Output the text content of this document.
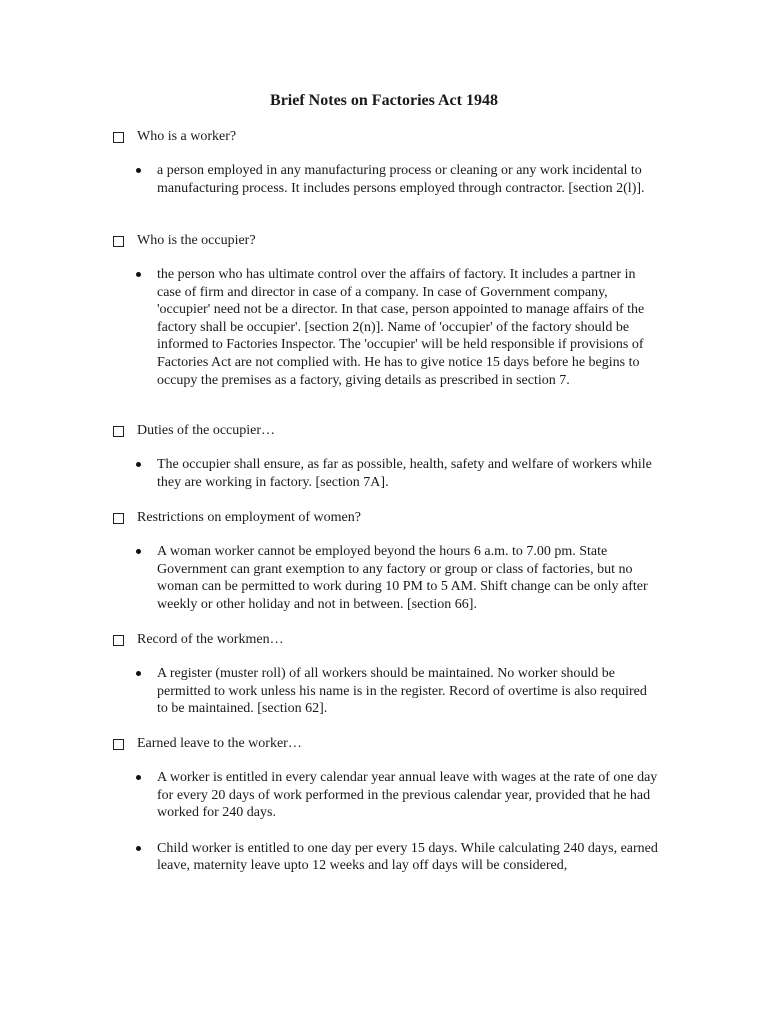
Brief Notes on Factories Act 1948
Who is a worker?
a person employed in any manufacturing process or cleaning or any work incidental to manufacturing process. It includes persons employed through contractor. [section 2(l)].
Who is the occupier?
the person who has ultimate control over the affairs of factory. It includes a partner in case of firm and director in case of a company. In case of Government company, 'occupier' need not be a director. In that case, person appointed to manage affairs of the factory shall be occupier'. [section 2(n)]. Name of 'occupier' of the factory should be informed to Factories Inspector. The 'occupier' will be held responsible if provisions of Factories Act are not complied with. He has to give notice 15 days before he begins to occupy the premises as a factory, giving details as prescribed in section 7.
Duties of the occupier…
The occupier shall ensure, as far as possible, health, safety and welfare of workers while they are working in factory. [section 7A].
Restrictions on employment of women?
A woman worker cannot be employed beyond the hours 6 a.m. to 7.00 pm. State Government can grant exemption to any factory or group or class of factories, but no woman can be permitted to work during 10 PM to 5 AM. Shift change can be only after weekly or other holiday and not in between. [section 66].
Record of the workmen…
A register (muster roll) of all workers should be maintained. No worker should be permitted to work unless his name is in the register. Record of overtime is also required to be maintained. [section 62].
Earned leave to the worker…
A worker is entitled in every calendar year annual leave with wages at the rate of one day for every 20 days of work performed in the previous calendar year, provided that he had worked for 240 days.
Child worker is entitled to one day per every 15 days. While calculating 240 days, earned leave, maternity leave upto 12 weeks and lay off days will be considered,
